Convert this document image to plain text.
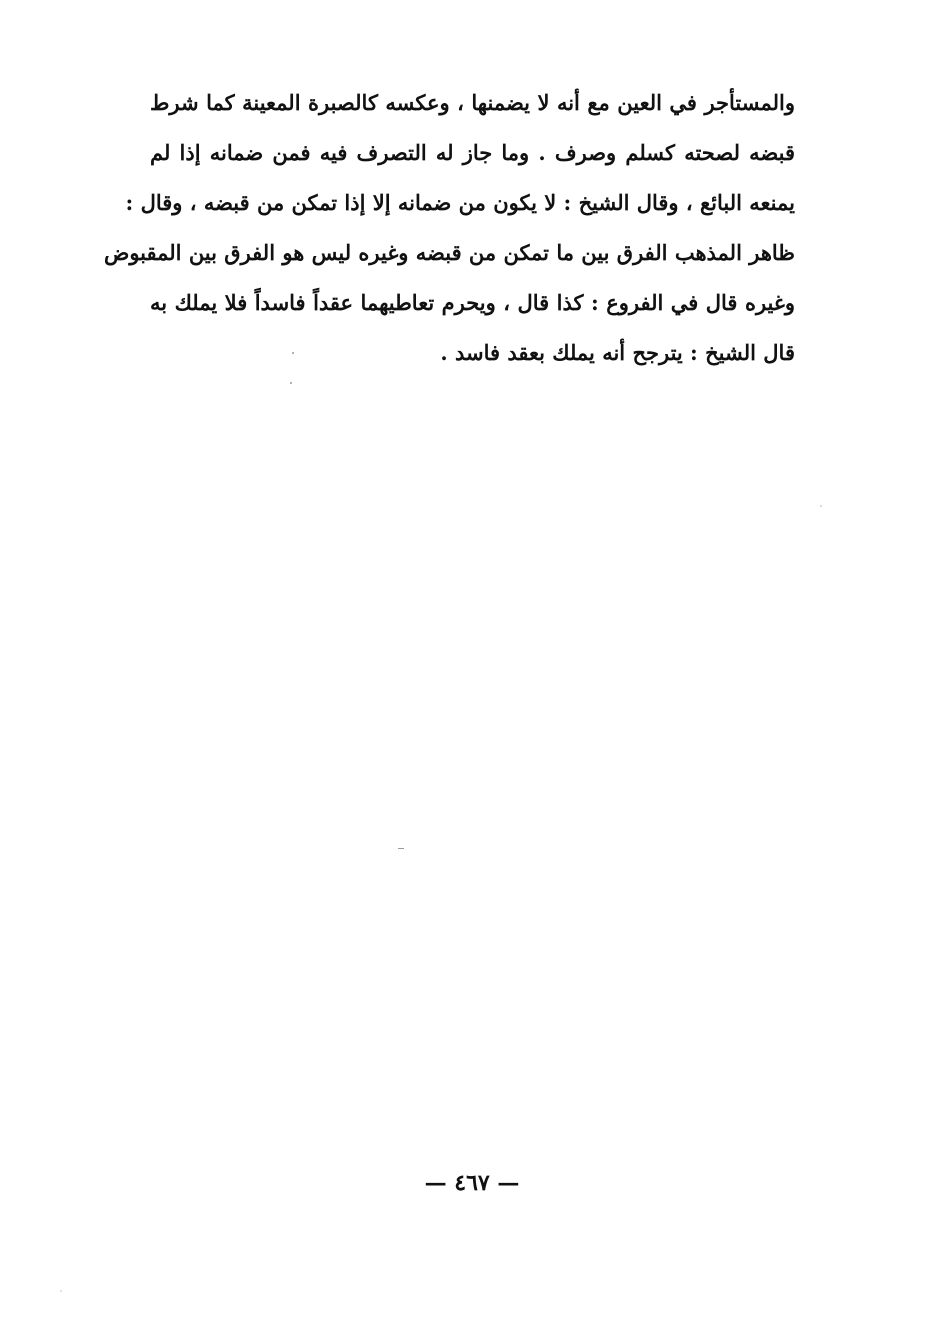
والمستأجر في العين مع أنه لا يضمنها ، وعكسه كالصبرة المعينة كما شرط
قبضه لصحته كسلم وصرف . وما جاز له التصرف فيه فمن ضمانه إذا لم
يمنعه البائع ، وقال الشيخ : لا يكون من ضمانه إلا إذا تمكن من قبضه ، وقال :
ظاهر المذهب الفرق بين ما تمكن من قبضه وغيره ليس هو الفرق بين المقبوض
وغيره قال في الفروع : كذا قال ، ويحرم تعاطيهما عقداً فاسداً فلا يملك به
قال الشيخ : يترجح أنه يملك بعقد فاسد .
— ٤٦٧ —
